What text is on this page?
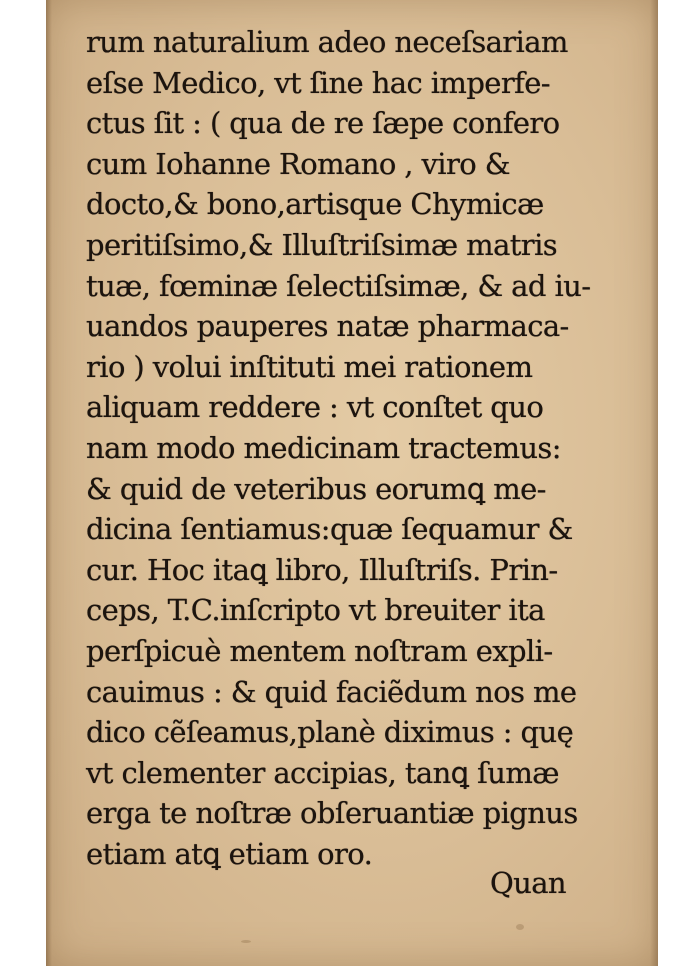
rum naturalium adeo neceſsariam
eſse Medico, vt ſine hac imperfe‑
ctus ſit : ( qua de re ſæpe confero
cum Iohanne Romano , viro &
docto,& bono,artisque Chymicæ
peritiſsimo,& Illuſtriſsimæ matris
tuæ, fœminæ ſelectiſsimæ, & ad iu‑
uandos pauperes natæ pharmaca‑
rio ) volui inſtituti mei rationem
aliquam reddere : vt conſtet quo
nam modo medicinam tractemus:
& quid de veteribus eorumꝗ me‑
dicina ſentiamus:quæ ſequamur &
cur. Hoc itaꝗ libro, Illuſtriſs. Prin‑
ceps, T.C.inſcripto vt breuiter ita
perſpicuè mentem noſtram expli‑
cauimus : & quid faciẽdum nos me
dico cẽſeamus,planè diximus : quę
vt clementer accipias, tanꝗ ſumæ
erga te noſtræ obſeruantiæ pignus
etiam atꝗ etiam oro.
Quan
